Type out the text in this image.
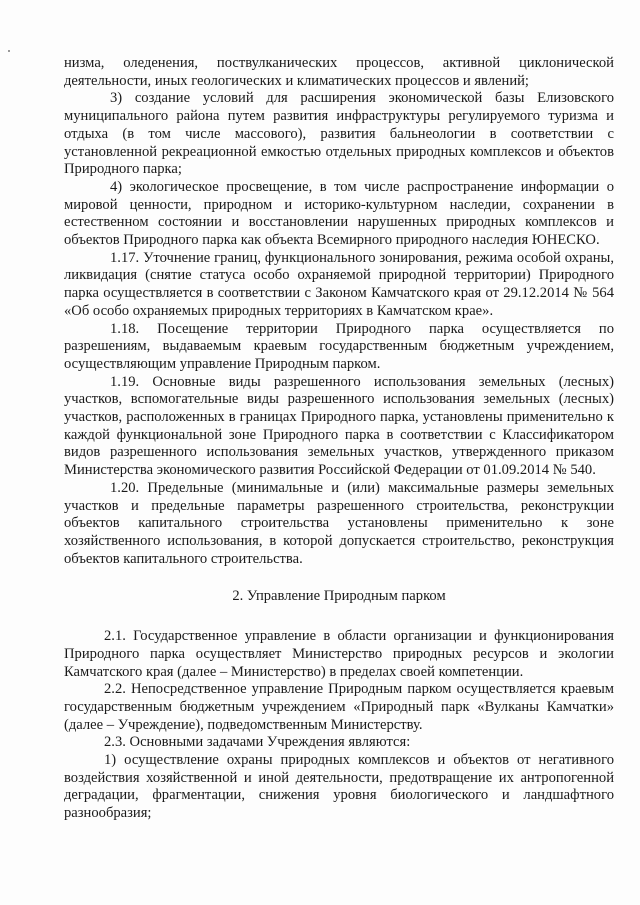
низма, оледенения, поствулканических процессов, активной циклонической деятельности, иных геологических и климатических процессов и явлений;

3) создание условий для расширения экономической базы Елизовского муниципального района путем развития инфраструктуры регулируемого туризма и отдыха (в том числе массового), развития бальнеологии в соответствии с установленной рекреационной емкостью отдельных природных комплексов и объектов Природного парка;

4) экологическое просвещение, в том числе распространение информации о мировой ценности, природном и историко-культурном наследии, сохранении в естественном состоянии и восстановлении нарушенных природных комплексов и объектов Природного парка как объекта Всемирного природного наследия ЮНЕСКО.

1.17. Уточнение границ, функционального зонирования, режима особой охраны, ликвидация (снятие статуса особо охраняемой природной территории) Природного парка осуществляется в соответствии с Законом Камчатского края от 29.12.2014 № 564 «Об особо охраняемых природных территориях в Камчатском крае».

1.18. Посещение территории Природного парка осуществляется по разрешениям, выдаваемым краевым государственным бюджетным учреждением, осуществляющим управление Природным парком.

1.19. Основные виды разрешенного использования земельных (лесных) участков, вспомогательные виды разрешенного использования земельных (лесных) участков, расположенных в границах Природного парка, установлены применительно к каждой функциональной зоне Природного парка в соответствии с Классификатором видов разрешенного использования земельных участков, утвержденного приказом Министерства экономического развития Российской Федерации от 01.09.2014 № 540.

1.20. Предельные (минимальные и (или) максимальные размеры земельных участков и предельные параметры разрешенного строительства, реконструкции объектов капитального строительства установлены применительно к зоне хозяйственного использования, в которой допускается строительство, реконструкция объектов капитального строительства.

2. Управление Природным парком

2.1. Государственное управление в области организации и функционирования Природного парка осуществляет Министерство природных ресурсов и экологии Камчатского края (далее – Министерство) в пределах своей компетенции.

2.2. Непосредственное управление Природным парком осуществляется краевым государственным бюджетным учреждением «Природный парк «Вулканы Камчатки» (далее – Учреждение), подведомственным Министерству.

2.3. Основными задачами Учреждения являются:

1) осуществление охраны природных комплексов и объектов от негативного воздействия хозяйственной и иной деятельности, предотвращение их антропогенной деградации, фрагментации, снижения уровня биологического и ландшафтного разнообразия;
